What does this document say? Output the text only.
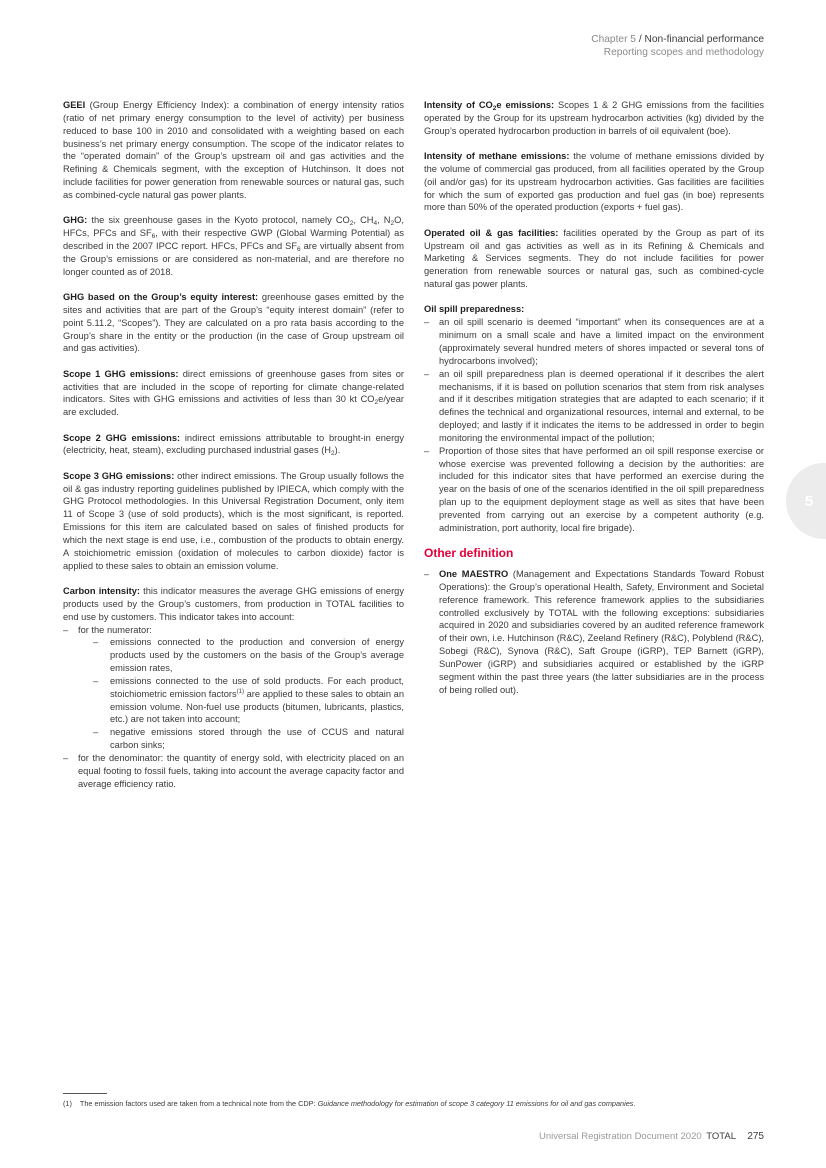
Chapter 5 / Non-financial performance
Reporting scopes and methodology
5

GEEI (Group Energy Efficiency Index): a combination of energy intensity ratios (ratio of net primary energy consumption to the level of activity) per business reduced to base 100 in 2010 and consolidated with a weighting based on each business’s net primary energy consumption. The scope of the indicator relates to the “operated domain” of the Group’s upstream oil and gas activities and the Refining & Chemicals segment, with the exception of Hutchinson. It does not include facilities for power generation from renewable sources or natural gas, such as combined-cycle natural gas power plants.

GHG: the six greenhouse gases in the Kyoto protocol, namely $CO_2$, $CH_4$, $N_2O$, HFCs, PFCs and $SF_6$, with their respective GWP (Global Warming Potential) as described in the 2007 IPCC report. HFCs, PFCs and $SF_6$ are virtually absent from the Group’s emissions or are considered as non-material, and are therefore no longer counted as of 2018.

GHG based on the Group’s equity interest: greenhouse gases emitted by the sites and activities that are part of the Group’s “equity interest domain” (refer to point 5.11.2, “Scopes”). They are calculated on a pro rata basis according to the Group’s share in the entity or the production (in the case of Group upstream oil and gas activities).

Scope 1 GHG emissions: direct emissions of greenhouse gases from sites or activities that are included in the scope of reporting for climate change-related indicators. Sites with GHG emissions and activities of less than 30 kt $CO_2e$/year are excluded.

Scope 2 GHG emissions: indirect emissions attributable to brought-in energy (electricity, heat, steam), excluding purchased industrial gases $(H_2)$.

Scope 3 GHG emissions: other indirect emissions. The Group usually follows the oil & gas industry reporting guidelines published by IPIECA, which comply with the GHG Protocol methodologies. In this Universal Registration Document, only item 11 of Scope 3 (use of sold products), which is the most significant, is reported. Emissions for this item are calculated based on sales of finished products for which the next stage is end use, i.e., combustion of the products to obtain energy. A stoichiometric emission (oxidation of molecules to carbon dioxide) factor is applied to these sales to obtain an emission volume.

Carbon intensity: this indicator measures the average GHG emissions of energy products used by the Group’s customers, from production in TOTAL facilities to end use by customers. This indicator takes into account:

– for the numerator:
– emissions connected to the production and conversion of energy products used by the customers on the basis of the Group’s average emission rates,
– emissions connected to the use of sold products. For each product, stoichiometric emission factors$^{(1)}$ are applied to these sales to obtain an emission volume. Non-fuel use products (bitumen, lubricants, plastics, etc.) are not taken into account;
– negative emissions stored through the use of CCUS and natural carbon sinks;
– for the denominator: the quantity of energy sold, with electricity placed on an equal footing to fossil fuels, taking into account the average capacity factor and average efficiency ratio.

Intensity of $CO_2e$ emissions: Scopes 1 & 2 GHG emissions from the facilities operated by the Group for its upstream hydrocarbon activities (kg) divided by the Group’s operated hydrocarbon production in barrels of oil equivalent (boe).

Intensity of methane emissions: the volume of methane emissions divided by the volume of commercial gas produced, from all facilities operated by the Group (oil and/or gas) for its upstream hydrocarbon activities. Gas facilities are facilities for which the sum of exported gas production and fuel gas (in boe) represents more than 50% of the operated production (exports + fuel gas).

Operated oil & gas facilities: facilities operated by the Group as part of its Upstream oil and gas activities as well as in its Refining & Chemicals and Marketing & Services segments. They do not include facilities for power generation from renewable sources or natural gas, such as combined-cycle natural gas power plants.

Oil spill preparedness:

– an oil spill scenario is deemed “important” when its consequences are at a minimum on a small scale and have a limited impact on the environment (approximately several hundred meters of shores impacted or several tons of hydrocarbons involved);
– an oil spill preparedness plan is deemed operational if it describes the alert mechanisms, if it is based on pollution scenarios that stem from risk analyses and if it describes mitigation strategies that are adapted to each scenario; if it defines the technical and organizational resources, internal and external, to be deployed; and lastly if it indicates the items to be addressed in order to begin monitoring the environmental impact of the pollution;
– Proportion of those sites that have performed an oil spill response exercise or whose exercise was prevented following a decision by the authorities: are included for this indicator sites that have performed an exercise during the year on the basis of one of the scenarios identified in the oil spill preparedness plan up to the equipment deployment stage as well as sites that have been prevented from carrying out an exercise by a competent authority (e.g. administration, port authority, local fire brigade).
Other definition
– One MAESTRO (Management and Expectations Standards Toward Robust Operations): the Group’s operational Health, Safety, Environment and Societal reference framework. This reference framework applies to the subsidiaries controlled exclusively by TOTAL with the following exceptions: subsidiaries acquired in 2020 and subsidiaries covered by an audited reference framework of their own, i.e. Hutchinson (R&C), Zeeland Refinery (R&C), Polyblend (R&C), Sobegi (R&C), Synova (R&C), Saft Groupe (iGRP), TEP Barnett (iGRP), SunPower (iGRP) and subsidiaries acquired or established by the iGRP segment within the past three years (the latter subsidiaries are in the process of being rolled out).
(1) The emission factors used are taken from a technical note from the CDP: Guidance methodology for estimation of scope 3 category 11 emissions for oil and gas companies.
Universal Registration Document 2020 TOTAL 275
